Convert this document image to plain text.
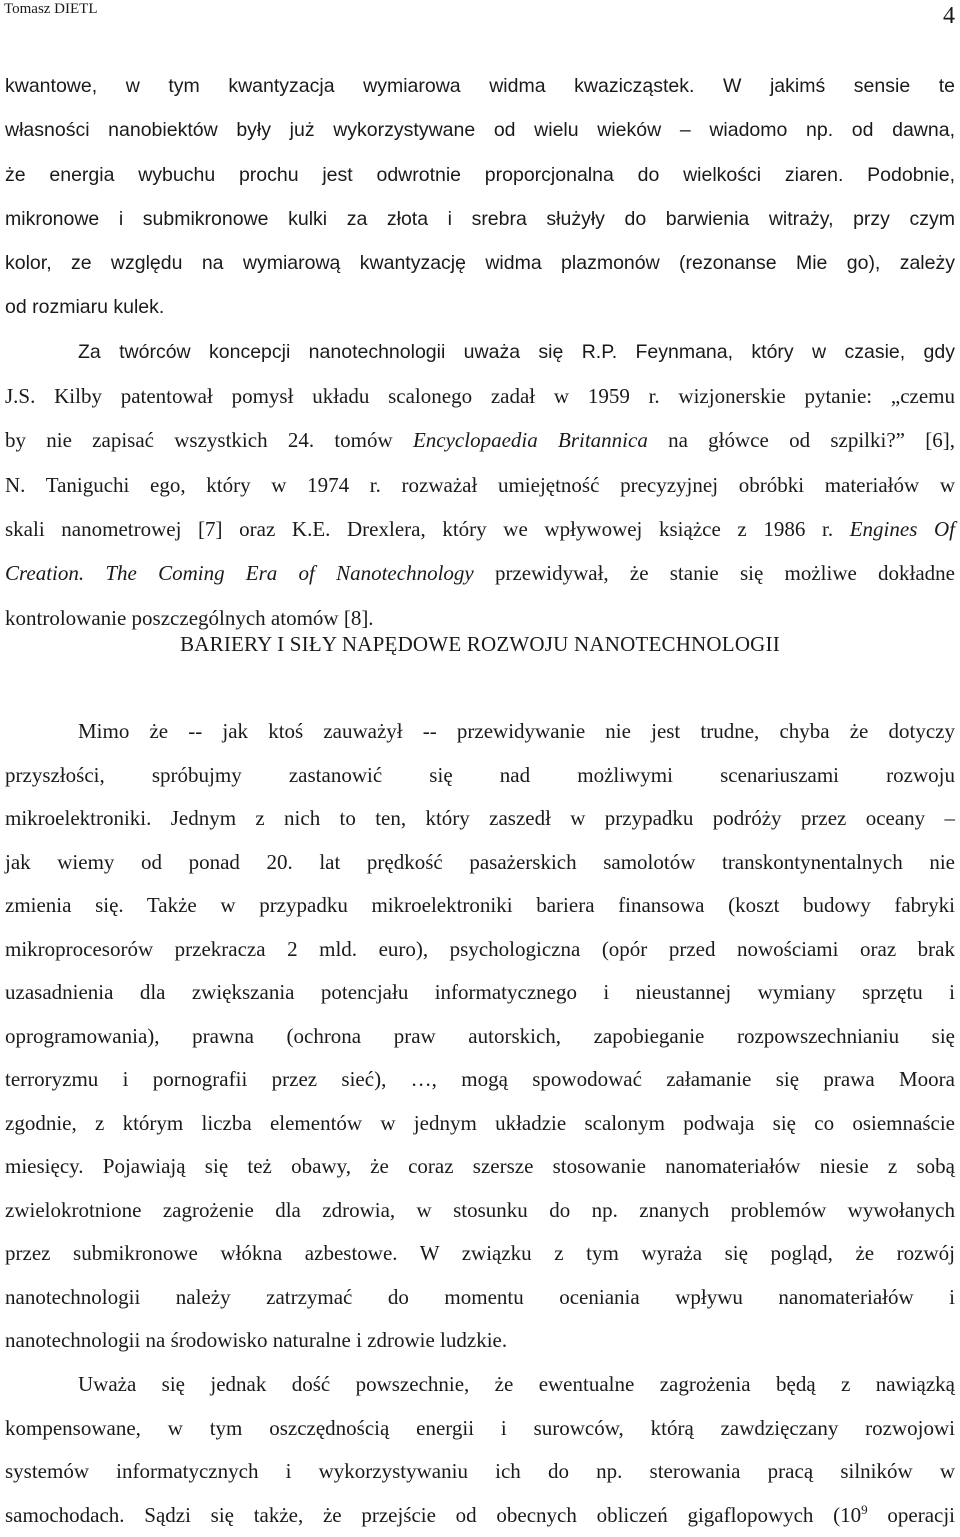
Tomasz DIETL	4
kwantowe, w tym kwantyzacja wymiarowa widma kwazicząstek. W jakimś sensie te
własności nanobiektów były już wykorzystywane od wielu wieków – wiadomo np. od dawna,
że energia wybuchu prochu jest odwrotnie proporcjonalna do wielkości ziaren. Podobnie,
mikronowe i submikronowe kulki za złota i srebra służyły do barwienia witraży, przy czym
kolor, ze względu na wymiarową kwantyzację widma plazmonów (rezonanse Mie go), zależy
od rozmiaru kulek.
Za twórców koncepcji nanotechnologii uważa się R.P. Feynmana, który w czasie, gdy
J.S. Kilby patentował pomysł układu scalonego zadał w 1959 r. wizjonerskie pytanie: „czemu
by nie zapisać wszystkich 24. tomów Encyclopaedia Britannica na główce od szpilki?” [6],
N. Taniguchi ego, który w 1974 r. rozważał umiejętność precyzyjnej obróbki materiałów w
skali nanometrowej [7] oraz K.E. Drexlera, który we wpływowej książce z 1986 r. Engines Of
Creation. The Coming Era of Nanotechnology przewidywał, że stanie się możliwe dokładne
kontrolowanie poszczególnych atomów [8].
BARIERY I SIŁY NAPĘDOWE ROZWOJU NANOTECHNOLOGII
Mimo że -- jak ktoś zauważył -- przewidywanie nie jest trudne, chyba że dotyczy
przyszłości, spróbujmy zastanowić się nad możliwymi scenariuszami rozwoju
mikroelektroniki. Jednym z nich to ten, który zaszedł w przypadku podróży przez oceany –
jak wiemy od ponad 20. lat prędkość pasażerskich samolotów transkontynentalnych nie
zmienia się. Także w przypadku mikroelektroniki bariera finansowa (koszt budowy fabryki
mikroprocesorów przekracza 2 mld. euro), psychologiczna (opór przed nowościami oraz brak
uzasadnienia dla zwiększania potencjału informatycznego i nieustannej wymiany sprzętu i
oprogramowania), prawna (ochrona praw autorskich, zapobieganie rozpowszechnianiu się
terroryzmu i pornografii przez sieć), …, mogą spowodować załamanie się prawa Moora
zgodnie, z którym liczba elementów w jednym układzie scalonym podwaja się co osiemnaście
miesięcy. Pojawiają się też obawy, że coraz szersze stosowanie nanomateriałów niesie z sobą
zwielokrotnione zagrożenie dla zdrowia, w stosunku do np. znanych problemów wywołanych
przez submikronowe włókna azbestowe. W związku z tym wyraża się pogląd, że rozwój
nanotechnologii należy zatrzymać do momentu oceniania wpływu nanomateriałów i
nanotechnologii na środowisko naturalne i zdrowie ludzkie.
Uważa się jednak dość powszechnie, że ewentualne zagrożenia będą z nawiązką
kompensowane, w tym oszczędnością energii i surowców, którą zawdzięczany rozwojowi
systemów informatycznych i wykorzystywaniu ich do np. sterowania pracą silników w
samochodach. Sądzi się także, że przejście od obecnych obliczeń gigaflopowych ($10^9$ operacji
